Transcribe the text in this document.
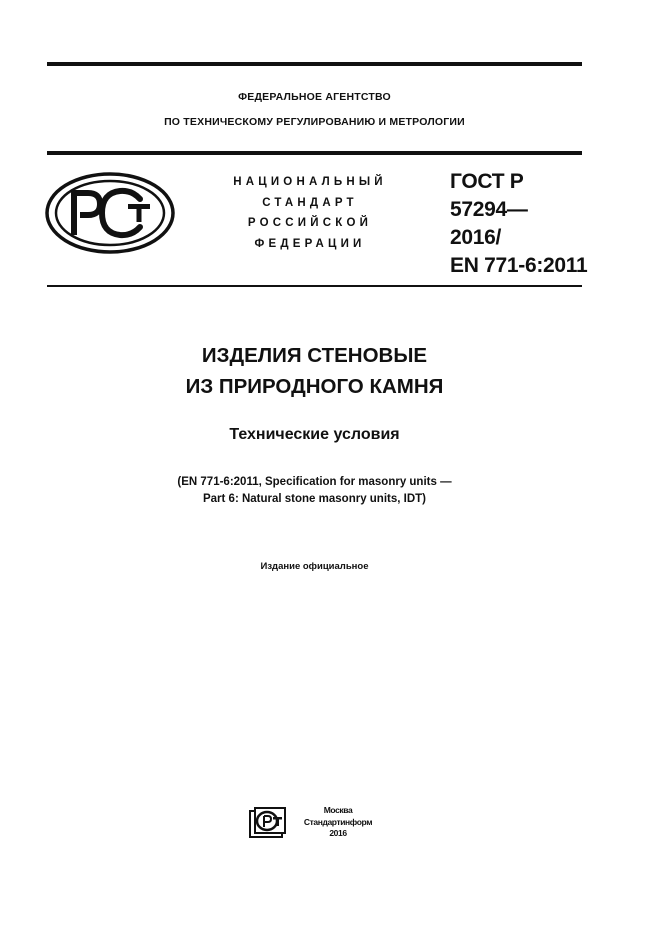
ФЕДЕРАЛЬНОЕ АГЕНТСТВО
ПО ТЕХНИЧЕСКОМУ РЕГУЛИРОВАНИЮ И МЕТРОЛОГИИ
НАЦИОНАЛЬНЫЙ
СТАНДАРТ
РОССИЙСКОЙ
ФЕДЕРАЦИИ
ГОСТ Р
57294—
2016/
EN 771-6:2011
ИЗДЕЛИЯ СТЕНОВЫЕ
ИЗ ПРИРОДНОГО КАМНЯ
Технические условия
(EN 771-6:2011, Specification for masonry units —
Part 6: Natural stone masonry units, IDT)
Издание официальное
Москва
Стандартинформ
2016
